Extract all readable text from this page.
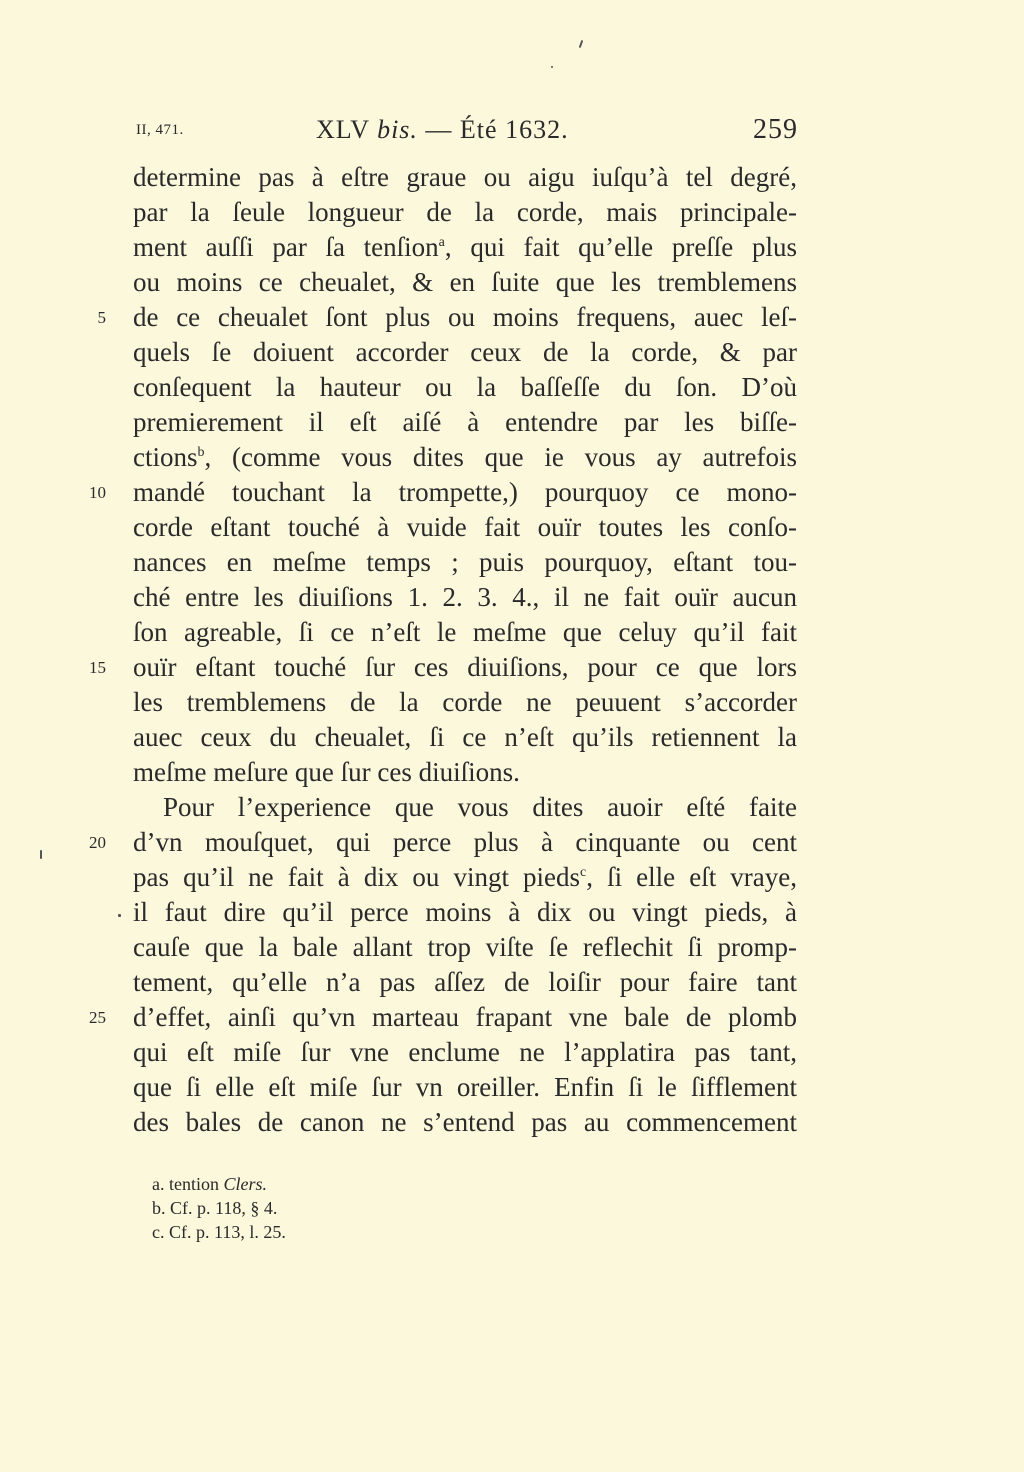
II, 471.	XLV bis. — Été 1632.	259
determine pas à eſtre graue ou aigu iuſqu’à tel degré,
par la ſeule longueur de la corde, mais principale-
ment auſſi par ſa tenſion$^a$, qui fait qu’elle preſſe plus
ou moins ce cheualet, & en ſuite que les tremblemens
5 de ce cheualet ſont plus ou moins frequens, auec leſ-
quels ſe doiuent accorder ceux de la corde, & par
conſequent la hauteur ou la baſſeſſe du ſon. D’où
premierement il eſt aiſé à entendre par les biſſe-
ctions$^b$, (comme vous dites que ie vous ay autrefois
10 mandé touchant la trompette,) pourquoy ce mono-
corde eſtant touché à vuide fait ouïr toutes les conſo-
nances en meſme temps ; puis pourquoy, eſtant tou-
ché entre les diuiſions 1. 2. 3. 4., il ne fait ouïr aucun
ſon agreable, ſi ce n’eſt le meſme que celuy qu’il fait
15 ouïr eſtant touché ſur ces diuiſions, pour ce que lors
les tremblemens de la corde ne peuuent s’accorder
auec ceux du cheualet, ſi ce n’eſt qu’ils retiennent la
meſme meſure que ſur ces diuiſions.
Pour l’experience que vous dites auoir eſté faite
20 d’vn mouſquet, qui perce plus à cinquante ou cent
pas qu’il ne fait à dix ou vingt pieds$^c$, ſi elle eſt vraye,
il faut dire qu’il perce moins à dix ou vingt pieds, à
cauſe que la bale allant trop viſte ſe reflechit ſi promp-
tement, qu’elle n’a pas aſſez de loiſir pour faire tant
25 d’effet, ainſi qu’vn marteau frapant vne bale de plomb
qui eſt miſe ſur vne enclume ne l’applatira pas tant,
que ſi elle eſt miſe ſur vn oreiller. Enfin ſi le ſifflement
des bales de canon ne s’entend pas au commencement
a. tention Clers.
b. Cf. p. 118, § 4.
c. Cf. p. 113, l. 25.
